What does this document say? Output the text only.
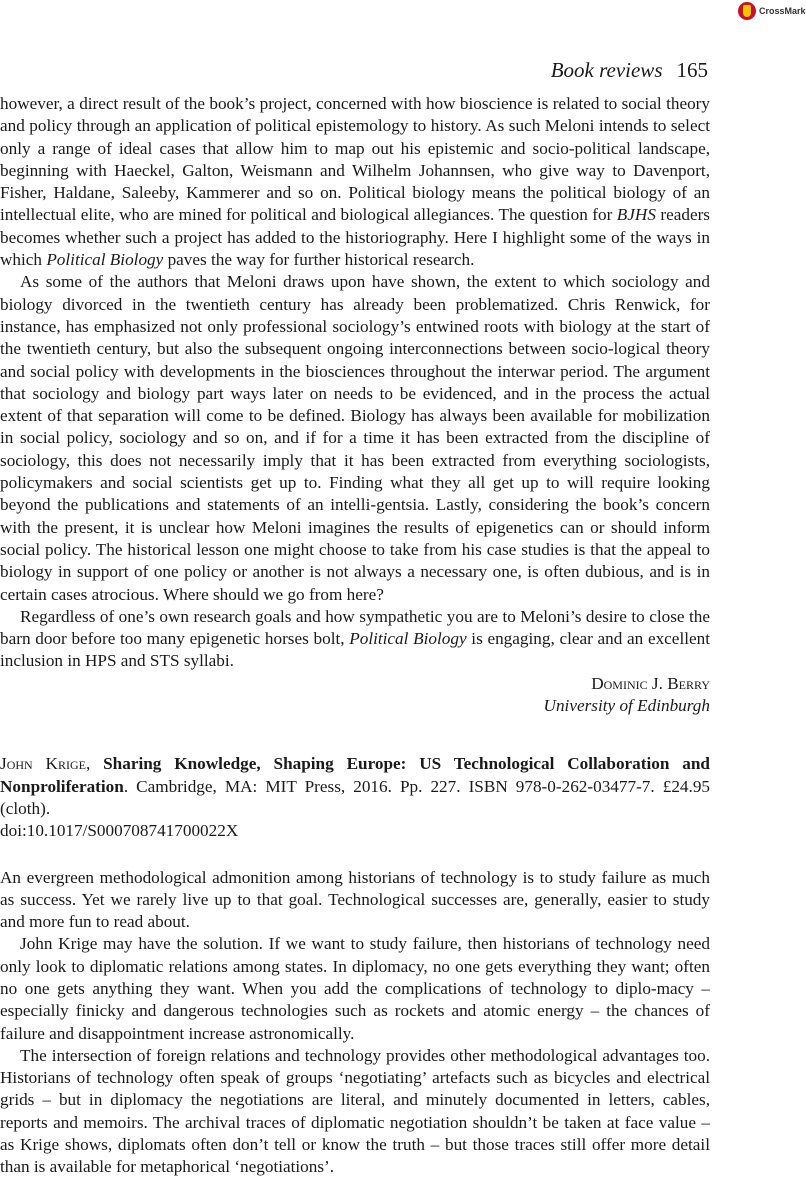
CrossMark
Book reviews 165

however, a direct result of the book’s project, concerned with how bioscience is related to social theory and policy through an application of political epistemology to history. As such Meloni intends to select only a range of ideal cases that allow him to map out his epistemic and socio-political landscape, beginning with Haeckel, Galton, Weismann and Wilhelm Johannsen, who give way to Davenport, Fisher, Haldane, Saleeby, Kammerer and so on. Political biology means the political biology of an intellectual elite, who are mined for political and biological allegiances. The question for BJHS readers becomes whether such a project has added to the historiography. Here I highlight some of the ways in which Political Biology paves the way for further historical research.

As some of the authors that Meloni draws upon have shown, the extent to which sociology and biology divorced in the twentieth century has already been problematized. Chris Renwick, for instance, has emphasized not only professional sociology’s entwined roots with biology at the start of the twentieth century, but also the subsequent ongoing interconnections between socio-logical theory and social policy with developments in the biosciences throughout the interwar period. The argument that sociology and biology part ways later on needs to be evidenced, and in the process the actual extent of that separation will come to be defined. Biology has always been available for mobilization in social policy, sociology and so on, and if for a time it has been extracted from the discipline of sociology, this does not necessarily imply that it has been extracted from everything sociologists, policymakers and social scientists get up to. Finding what they all get up to will require looking beyond the publications and statements of an intelli-gentsia. Lastly, considering the book’s concern with the present, it is unclear how Meloni imagines the results of epigenetics can or should inform social policy. The historical lesson one might choose to take from his case studies is that the appeal to biology in support of one policy or another is not always a necessary one, is often dubious, and is in certain cases atrocious. Where should we go from here?

Regardless of one’s own research goals and how sympathetic you are to Meloni’s desire to close the barn door before too many epigenetic horses bolt, Political Biology is engaging, clear and an excellent inclusion in HPS and STS syllabi.

Dominic J. Berry
University of Edinburgh

John Krige, Sharing Knowledge, Shaping Europe: US Technological Collaboration and Nonproliferation. Cambridge, MA: MIT Press, 2016. Pp. 227. ISBN 978-0-262-03477-7. £24.95 (cloth).

doi:10.1017/S000708741700022X

An evergreen methodological admonition among historians of technology is to study failure as much as success. Yet we rarely live up to that goal. Technological successes are, generally, easier to study and more fun to read about.

John Krige may have the solution. If we want to study failure, then historians of technology need only look to diplomatic relations among states. In diplomacy, no one gets everything they want; often no one gets anything they want. When you add the complications of technology to diplo-macy – especially finicky and dangerous technologies such as rockets and atomic energy – the chances of failure and disappointment increase astronomically.

The intersection of foreign relations and technology provides other methodological advantages too. Historians of technology often speak of groups ‘negotiating’ artefacts such as bicycles and electrical grids – but in diplomacy the negotiations are literal, and minutely documented in letters, cables, reports and memoirs. The archival traces of diplomatic negotiation shouldn’t be taken at face value – as Krige shows, diplomats often don’t tell or know the truth – but those traces still offer more detail than is available for metaphorical ‘negotiations’.
